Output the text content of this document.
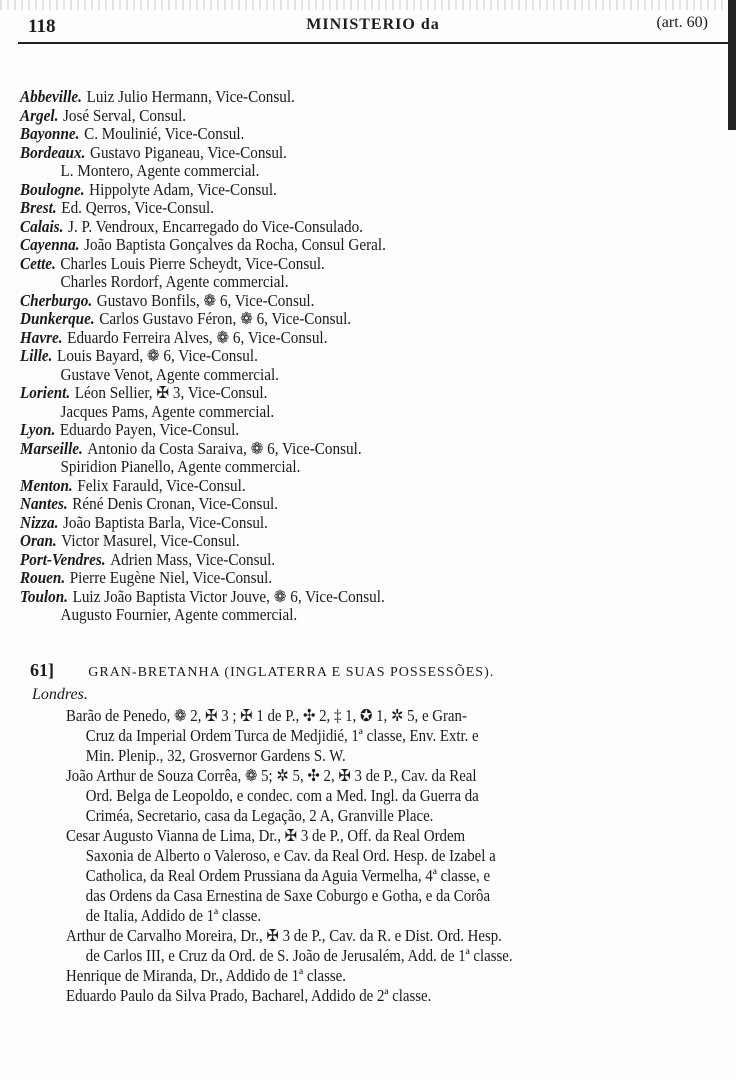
118	MINISTERIO da	(art. 60)
Abbeville. Luiz Julio Hermann, Vice-Consul.
Argel. José Serval, Consul.
Bayonne. C. Moulinié, Vice-Consul.
Bordeaux. Gustavo Piganeau, Vice-Consul.
L. Montero, Agente commercial.
Boulogne. Hippolyte Adam, Vice-Consul.
Brest. Ed. Qerros, Vice-Consul.
Calais. J. P. Vendroux, Encarregado do Vice-Consulado.
Cayenna. João Baptista Gonçalves da Rocha, Consul Geral.
Cette. Charles Louis Pierre Scheydt, Vice-Consul.
Charles Rordorf, Agente commercial.
Cherburgo. Gustavo Bonfils, ❁ 6, Vice-Consul.
Dunkerque. Carlos Gustavo Féron, ❁ 6, Vice-Consul.
Havre. Eduardo Ferreira Alves, ❁ 6, Vice-Consul.
Lille. Louis Bayard, ❁ 6, Vice-Consul.
Gustave Venot, Agente commercial.
Lorient. Léon Sellier, ✠ 3, Vice-Consul.
Jacques Pams, Agente commercial.
Lyon. Eduardo Payen, Vice-Consul.
Marseille. Antonio da Costa Saraiva, ❁ 6, Vice-Consul.
Spiridion Pianello, Agente commercial.
Menton. Felix Farauld, Vice-Consul.
Nantes. Réné Denis Cronan, Vice-Consul.
Nizza. João Baptista Barla, Vice-Consul.
Oran. Victor Masurel, Vice-Consul.
Port-Vendres. Adrien Mass, Vice-Consul.
Rouen. Pierre Eugène Niel, Vice-Consul.
Toulon. Luiz João Baptista Victor Jouve, ❁ 6, Vice-Consul.
Augusto Fournier, Agente commercial.
61] GRAN-BRETANHA (INGLATERRA E SUAS POSSESSÕES).
Londres.
Barão de Penedo, ❁ 2, ✠ 3 ; ✠ 1 de P., ✣ 2, ‡ 1, ✪ 1, ✲ 5, e Gran-
Cruz da Imperial Ordem Turca de Medjidié, 1ª classe, Env. Extr. e
Min. Plenip., 32, Grosvernor Gardens S. W.
João Arthur de Souza Corrêa, ❁ 5; ✲ 5, ✣ 2, ✠ 3 de P., Cav. da Real
Ord. Belga de Leopoldo, e condec. com a Med. Ingl. da Guerra da
Criméa, Secretario, casa da Legação, 2 A, Granville Place.
Cesar Augusto Vianna de Lima, Dr., ✠ 3 de P., Off. da Real Ordem
Saxonia de Alberto o Valeroso, e Cav. da Real Ord. Hesp. de Izabel a
Catholica, da Real Ordem Prussiana da Aguia Vermelha, 4ª classe, e
das Ordens da Casa Ernestina de Saxe Coburgo e Gotha, e da Corôa
de Italia, Addido de 1ª classe.
Arthur de Carvalho Moreira, Dr., ✠ 3 de P., Cav. da R. e Dist. Ord. Hesp.
de Carlos III, e Cruz da Ord. de S. João de Jerusalém, Add. de 1ª classe.
Henrique de Miranda, Dr., Addido de 1ª classe.
Eduardo Paulo da Silva Prado, Bacharel, Addido de 2ª classe.
